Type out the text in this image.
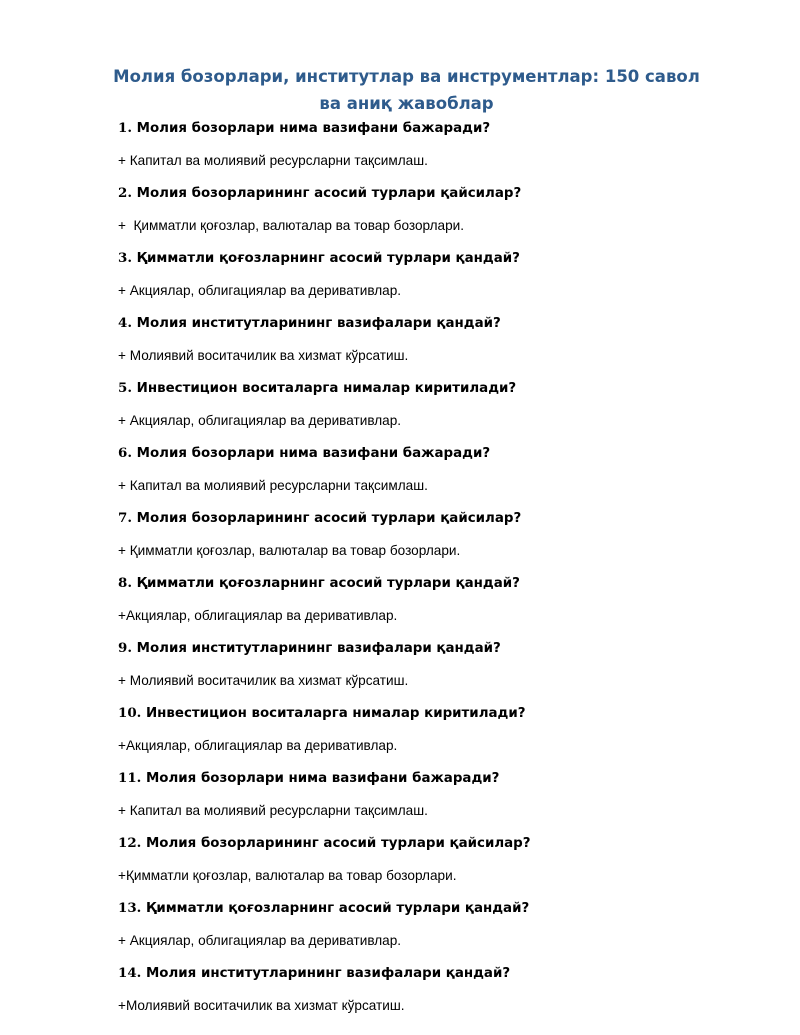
Молия бозорлари, институтлар ва инструментлар: 150 савол ва аниқ жавоблар
1. Молия бозорлари нима вазифани бажаради?
+ Капитал ва молиявий ресурсларни тақсимлаш.
2. Молия бозорларининг асосий турлари қайсилар?
+  Қимматли қоғозлар, валюталар ва товар бозорлари.
3. Қимматли қоғозларнинг асосий турлари қандай?
+ Акциялар, облигациялар ва деривативлар.
4. Молия институтларининг вазифалари қандай?
+ Молиявий воситачилик ва хизмат кўрсатиш.
5. Инвестицион воситаларга нималар киритилади?
+ Акциялар, облигациялар ва деривативлар.
6. Молия бозорлари нима вазифани бажаради?
+ Капитал ва молиявий ресурсларни тақсимлаш.
7. Молия бозорларининг асосий турлари қайсилар?
+ Қимматли қоғозлар, валюталар ва товар бозорлари.
8. Қимматли қоғозларнинг асосий турлари қандай?
+Акциялар, облигациялар ва деривативлар.
9. Молия институтларининг вазифалари қандай?
+ Молиявий воситачилик ва хизмат кўрсатиш.
10. Инвестицион воситаларга нималар киритилади?
+Акциялар, облигациялар ва деривативлар.
11. Молия бозорлари нима вазифани бажаради?
+ Капитал ва молиявий ресурсларни тақсимлаш.
12. Молия бозорларининг асосий турлари қайсилар?
+Қимматли қоғозлар, валюталар ва товар бозорлари.
13. Қимматли қоғозларнинг асосий турлари қандай?
+ Акциялар, облигациялар ва деривативлар.
14. Молия институтларининг вазифалари қандай?
+Молиявий воситачилик ва хизмат кўрсатиш.
